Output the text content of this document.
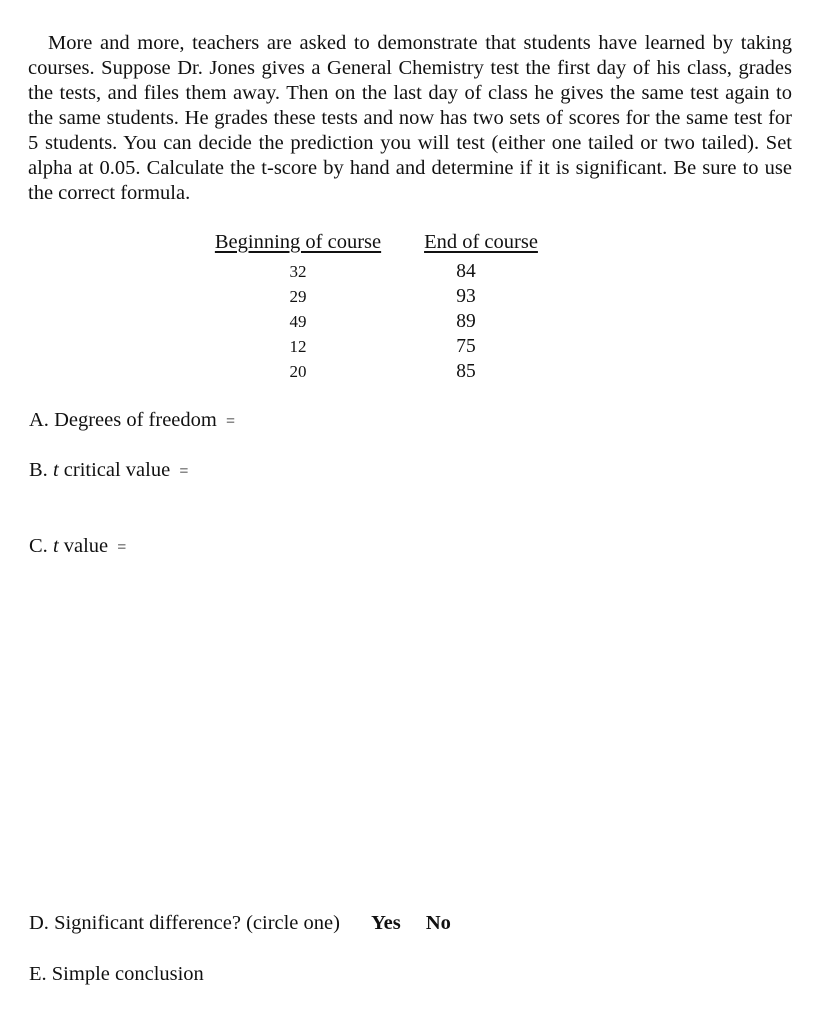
More and more, teachers are asked to demonstrate that students have learned by taking courses. Suppose Dr. Jones gives a General Chemistry test the first day of his class, grades the tests, and files them away. Then on the last day of class he gives the same test again to the same students. He grades these tests and now has two sets of scores for the same test for 5 students. You can decide the prediction you will test (either one tailed or two tailed). Set alpha at 0.05. Calculate the t-score by hand and determine if it is significant. Be sure to use the correct formula.

Beginning of course	End of course
32	84
29	93
49	89
12	75
20	85

A. Degrees of freedom =

B. t critical value =

C. t value =

D. Significant difference? (circle one) Yes No

E. Simple conclusion
